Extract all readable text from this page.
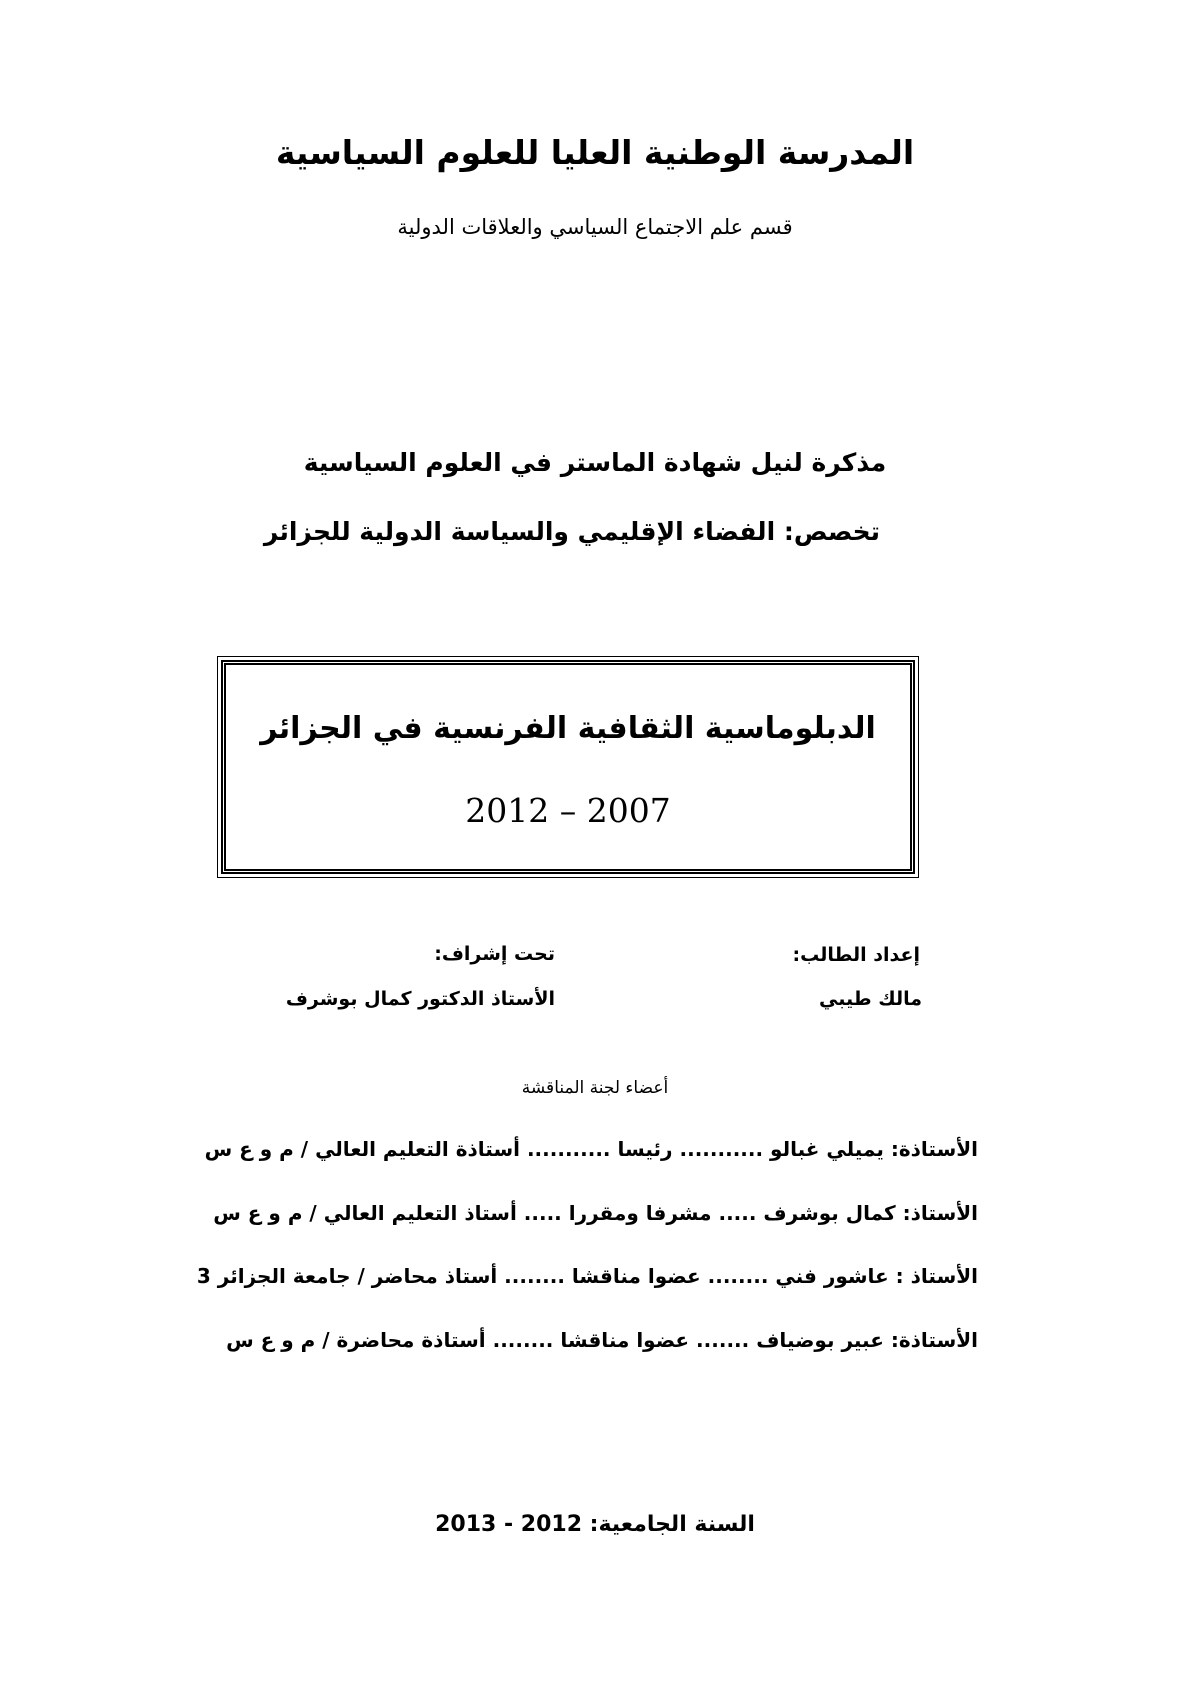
المدرسة الوطنية العليا للعلوم السياسية
قسم علم الاجتماع السياسي والعلاقات الدولية
مذكرة لنيل شهادة الماستر في العلوم السياسية
تخصص: الفضاء الإقليمي والسياسة الدولية للجزائر
الدبلوماسية الثقافية الفرنسية في الجزائر
2012 – 2007
إعداد الطالب:
مالك طيبي
تحت إشراف:
الأستاذ الدكتور كمال بوشرف
أعضاء لجنة المناقشة
الأستاذة: يميلي غبالو ........... رئيسا ........... أستاذة التعليم العالي / م و ع س
الأستاذ: كمال بوشرف ..... مشرفا ومقررا ..... أستاذ التعليم العالي / م و ع س
الأستاذ : عاشور فني ........ عضوا مناقشا ........ أستاذ محاضر / جامعة الجزائر 3
الأستاذة: عبير بوضياف ....... عضوا مناقشا ........ أستاذة محاضرة / م و ع س
السنة الجامعية: 2012 - 2013
